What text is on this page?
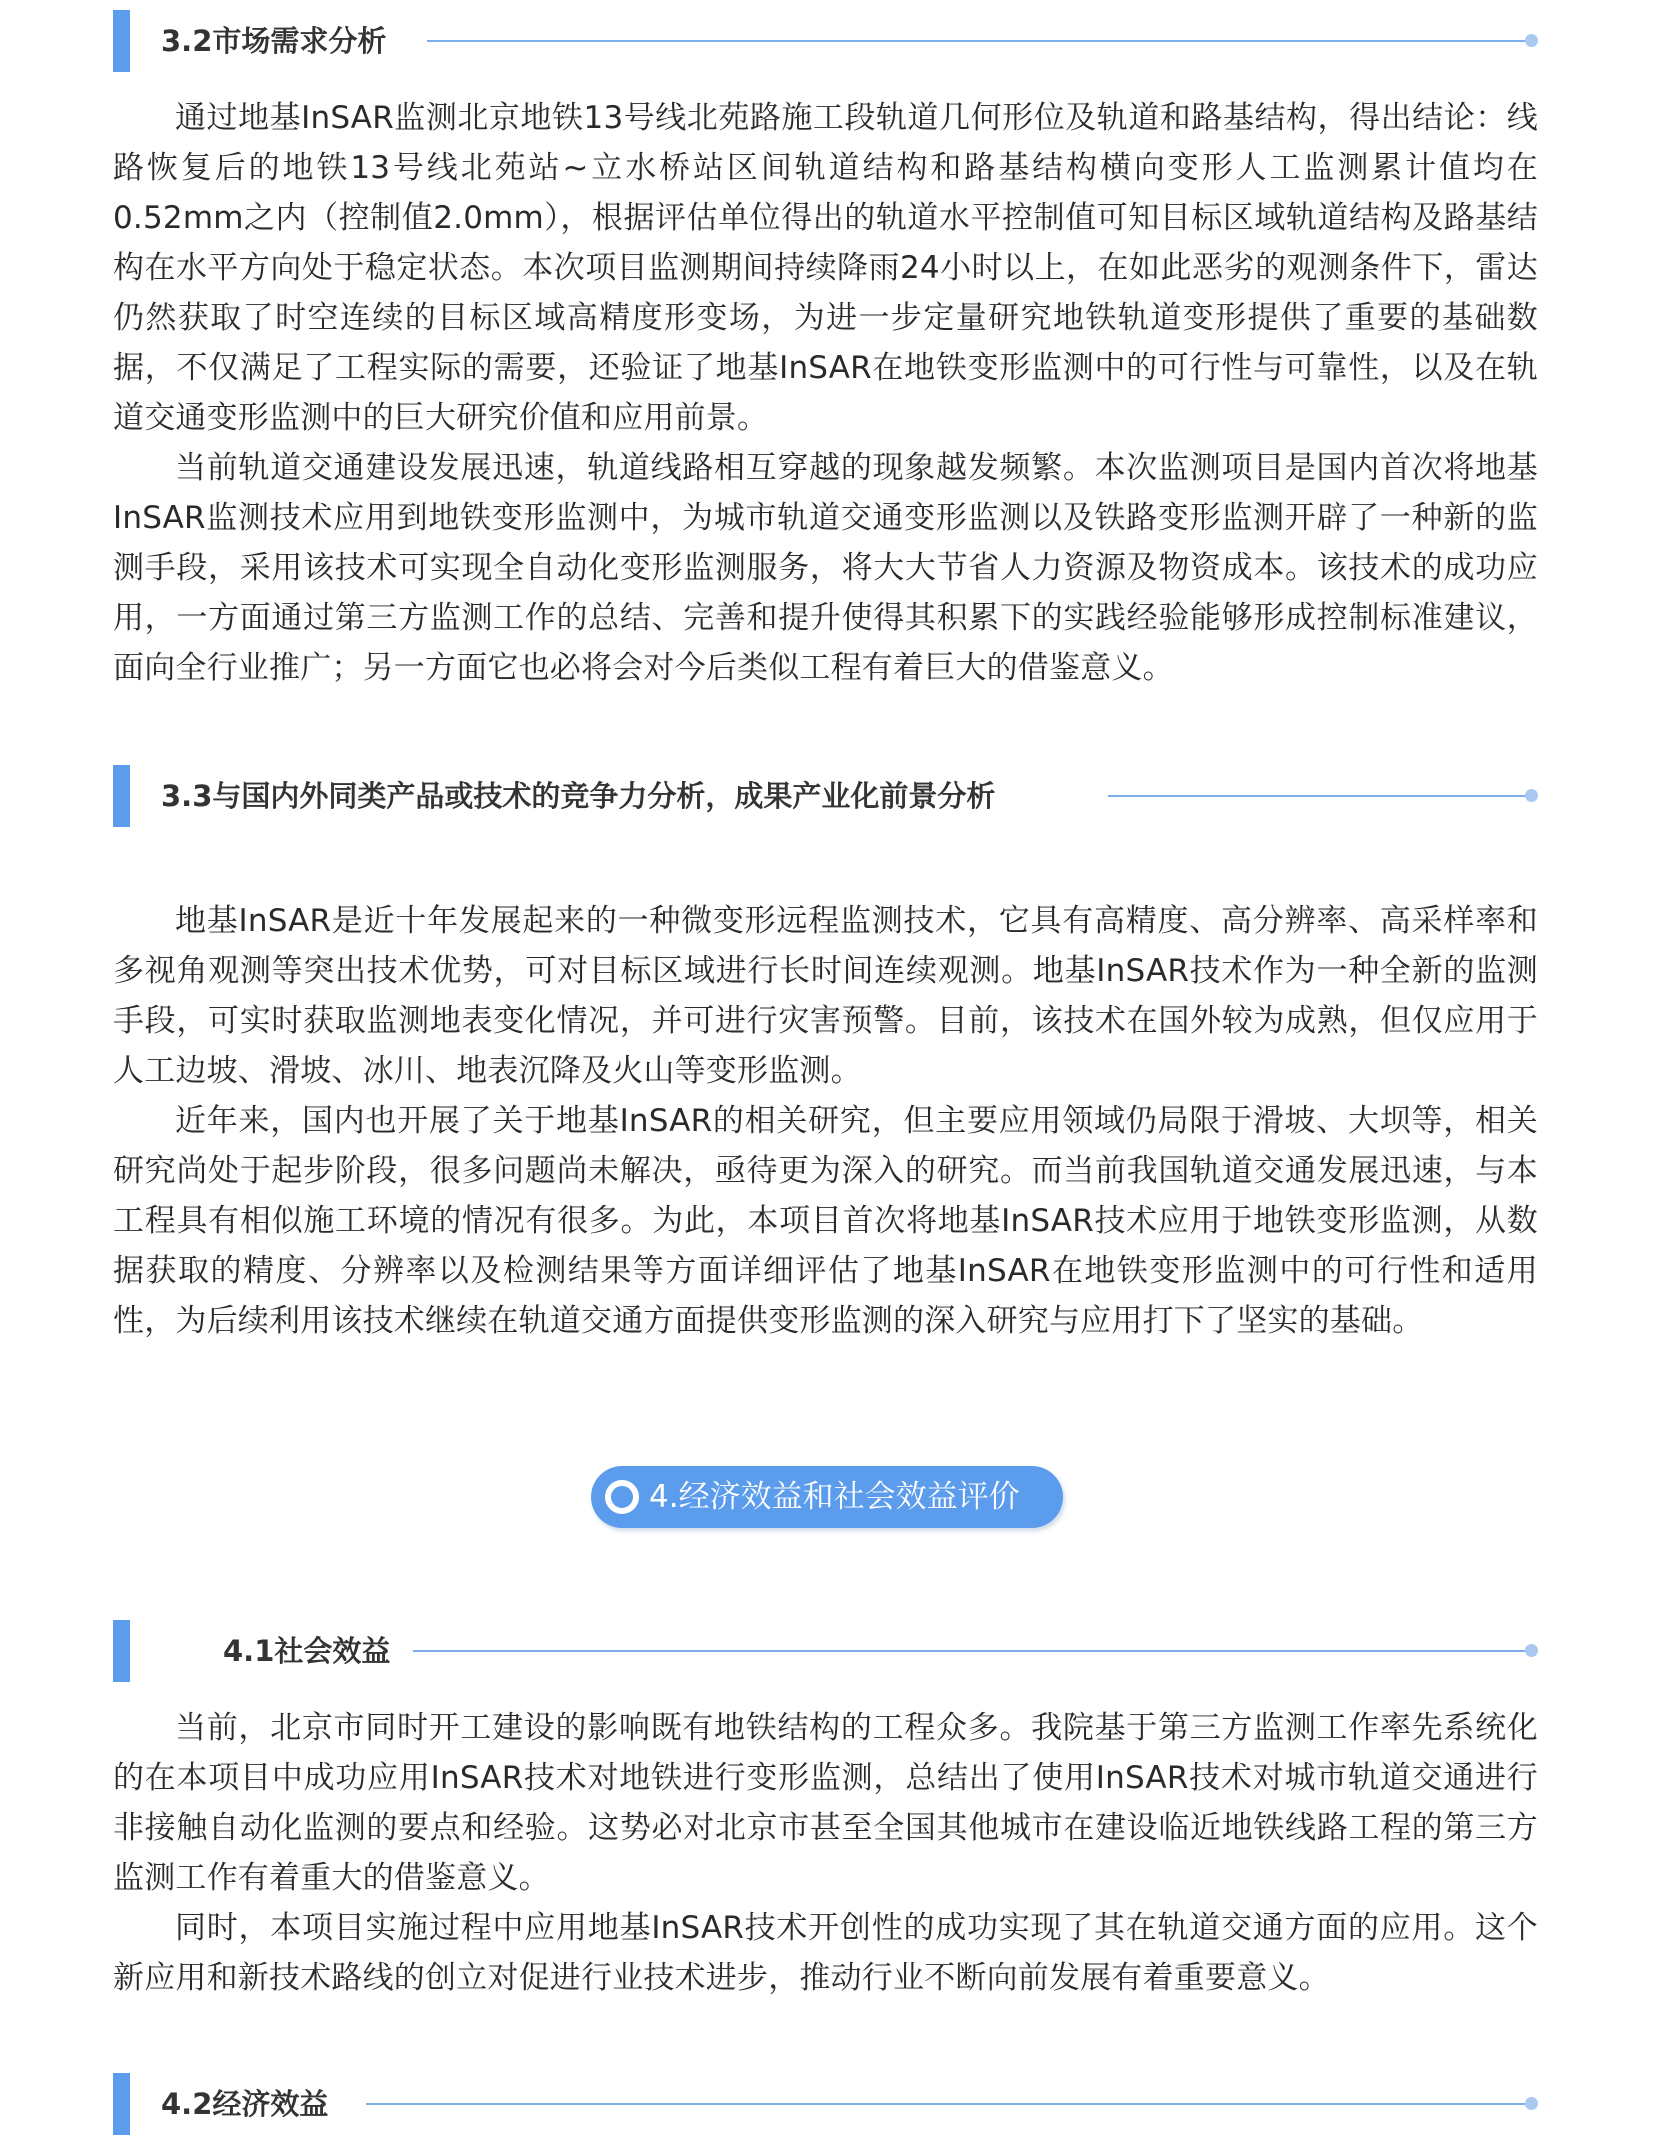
3.2市场需求分析

通过地基InSAR监测北京地铁13号线北苑路施工段轨道几何形位及轨道和路基结构，得出结论：线路恢复后的地铁13号线北苑站~立水桥站区间轨道结构和路基结构横向变形人工监测累计值均在0.52mm之内（控制值2.0mm），根据评估单位得出的轨道水平控制值可知目标区域轨道结构及路基结构在水平方向处于稳定状态。本次项目监测期间持续降雨24小时以上，在如此恶劣的观测条件下，雷达仍然获取了时空连续的目标区域高精度形变场，为进一步定量研究地铁轨道变形提供了重要的基础数据，不仅满足了工程实际的需要，还验证了地基InSAR在地铁变形监测中的可行性与可靠性，以及在轨道交通变形监测中的巨大研究价值和应用前景。

当前轨道交通建设发展迅速，轨道线路相互穿越的现象越发频繁。本次监测项目是国内首次将地基InSAR监测技术应用到地铁变形监测中，为城市轨道交通变形监测以及铁路变形监测开辟了一种新的监测手段，采用该技术可实现全自动化变形监测服务，将大大节省人力资源及物资成本。该技术的成功应用，一方面通过第三方监测工作的总结、完善和提升使得其积累下的实践经验能够形成控制标准建议，面向全行业推广；另一方面它也必将会对今后类似工程有着巨大的借鉴意义。

3.3与国内外同类产品或技术的竞争力分析，成果产业化前景分析

地基InSAR是近十年发展起来的一种微变形远程监测技术，它具有高精度、高分辨率、高采样率和多视角观测等突出技术优势，可对目标区域进行长时间连续观测。地基InSAR技术作为一种全新的监测手段，可实时获取监测地表变化情况，并可进行灾害预警。目前，该技术在国外较为成熟，但仅应用于人工边坡、滑坡、冰川、地表沉降及火山等变形监测。

近年来，国内也开展了关于地基InSAR的相关研究，但主要应用领域仍局限于滑坡、大坝等，相关研究尚处于起步阶段，很多问题尚未解决，亟待更为深入的研究。而当前我国轨道交通发展迅速，与本工程具有相似施工环境的情况有很多。为此，本项目首次将地基InSAR技术应用于地铁变形监测，从数据获取的精度、分辨率以及检测结果等方面详细评估了地基InSAR在地铁变形监测中的可行性和适用性，为后续利用该技术继续在轨道交通方面提供变形监测的深入研究与应用打下了坚实的基础。

4.经济效益和社会效益评价
4.1社会效益

当前，北京市同时开工建设的影响既有地铁结构的工程众多。我院基于第三方监测工作率先系统化的在本项目中成功应用InSAR技术对地铁进行变形监测，总结出了使用InSAR技术对城市轨道交通进行非接触自动化监测的要点和经验。这势必对北京市甚至全国其他城市在建设临近地铁线路工程的第三方监测工作有着重大的借鉴意义。

同时，本项目实施过程中应用地基InSAR技术开创性的成功实现了其在轨道交通方面的应用。这个新应用和新技术路线的创立对促进行业技术进步，推动行业不断向前发展有着重要意义。

4.2经济效益
